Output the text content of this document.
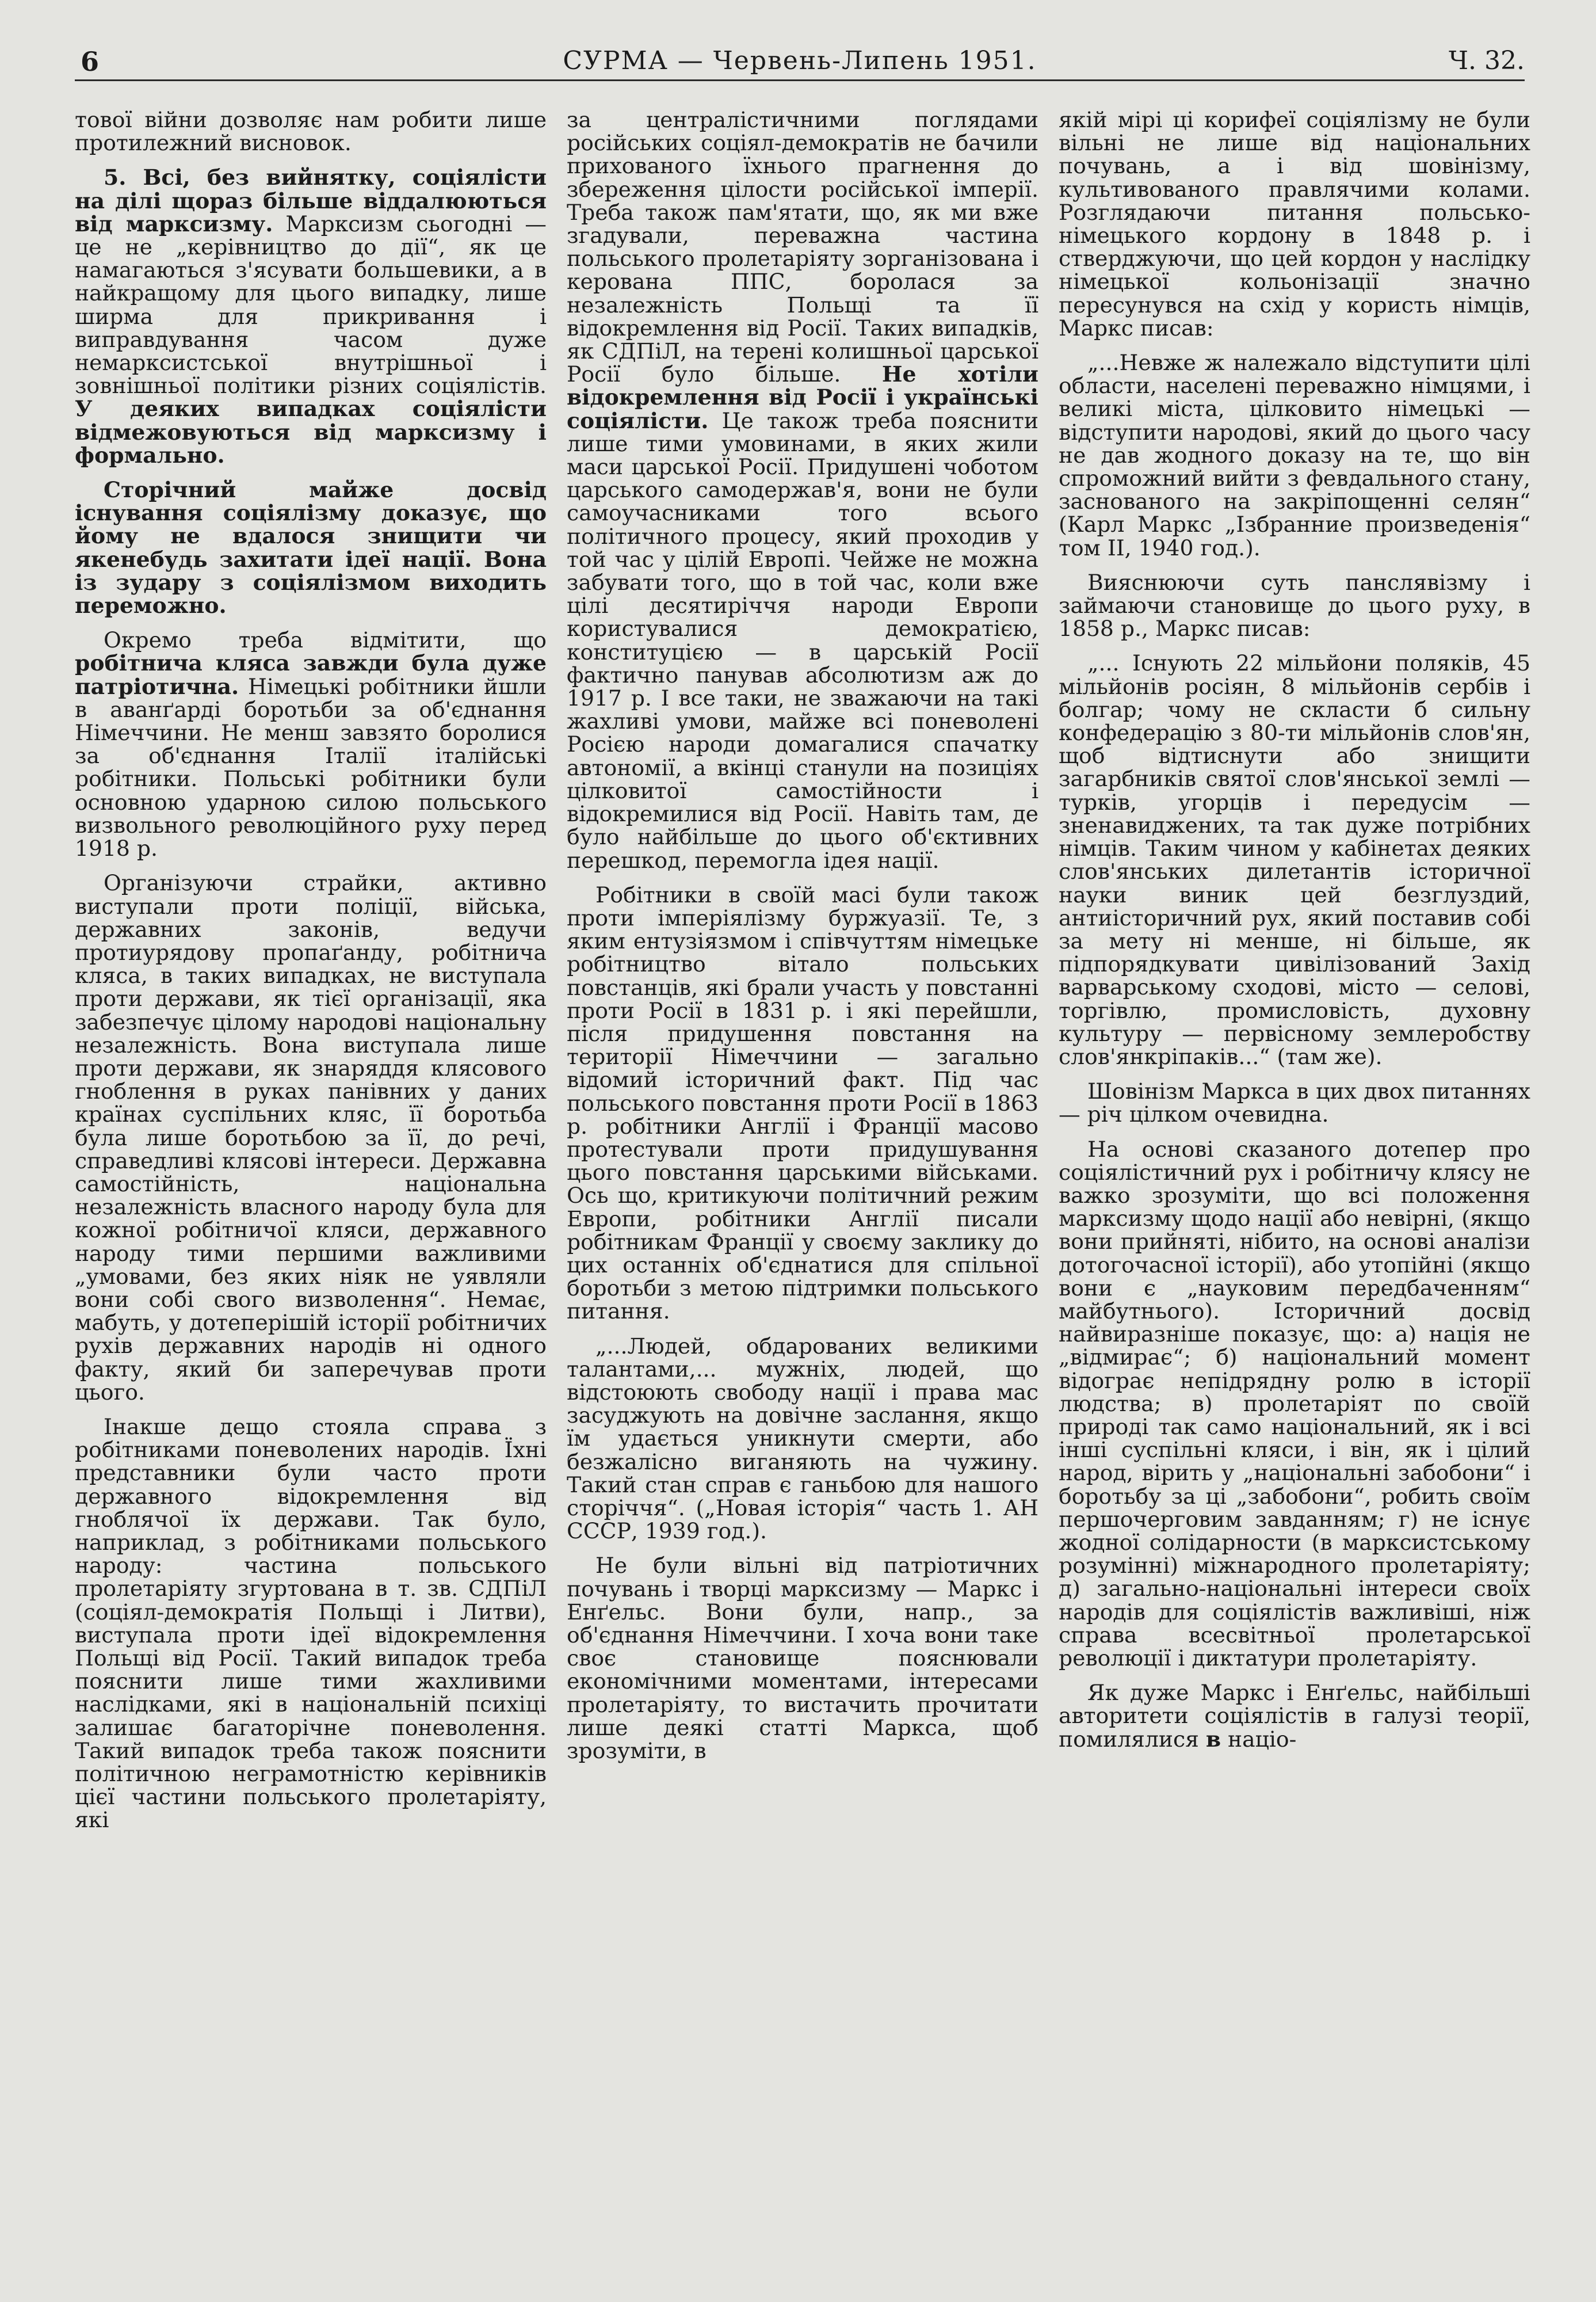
6	СУРМА — Червень-Липень 1951.	Ч. 32.

тової війни дозволяє нам робити лише протилежний висновок.

5. Всі, без вийнятку, соціялісти на ділі щораз більше віддалюються від марксизму. Марксизм сьогодні — це не „керівництво до дії“, як це намагаються з'ясувати большевики, а в найкращому для цього випадку, лише ширма для прикривання і виправдування часом дуже немарксистської внутрішньої і зовнішньої політики різних соціялістів. У деяких випадках соціялісти відмежовуються від марксизму і формально.

Сторічний майже досвід існування соціялізму доказує, що йому не вдалося знищити чи якенебудь захитати ідеї нації. Вона із зудару з соціялізмом виходить переможно.

Окремо треба відмітити, що робітнича кляса завжди була дуже патріотична. Німецькі робітники йшли в аванґарді боротьби за об'єднання Німеччини. Не менш завзято боролися за об'єднання Італії італійські робітники. Польські робітники були основною ударною силою польського визвольного революційного руху перед 1918 р.

Організуючи страйки, активно виступали проти поліції, війська, державних законів, ведучи протиурядову пропаґанду, робітнича кляса, в таких випадках, не виступала проти держави, як тієї організації, яка забезпечує цілому народові національну незалежність. Вона виступала лише проти держави, як знаряддя клясового гноблення в руках панівних у даних країнах суспільних кляс, її боротьба була лише боротьбою за її, до речі, справедливі клясові інтереси. Державна самостійність, національна незалежність власного народу була для кожної робітничої кляси, державного народу тими першими важливими „умовами, без яких ніяк не уявляли вони собі свого визволення“. Немає, мабуть, у дотеперішій історії робітничих рухів державних народів ні одного факту, який би заперечував проти цього.

Інакше дещо стояла справа з робітниками поневолених народів. Їхні представники були часто проти державного відокремлення від гноблячої їх держави. Так було, наприклад, з робітниками польського народу: частина польського пролетаріяту згуртована в т. зв. СДПіЛ (соціял-демократія Польщі і Литви), виступала проти ідеї відокремлення Польщі від Росії. Такий випадок треба пояснити лише тими жахливими наслідками, які в національній психіці залишає багаторічне поневолення. Такий випадок треба також пояснити політичною неграмотністю керівників цієї частини польського пролетаріяту, які

за централістичними поглядами російських соціял-демократів не бачили прихованого їхнього прагнення до збереження цілости російської імперії. Треба також пам'ятати, що, як ми вже згадували, переважна частина польського пролетаріяту зорганізована і керована ППС, боролася за незалежність Польщі та її відокремлення від Росії. Таких випадків, як СДПіЛ, на терені колишньої царської Росії було більше. Не хотіли відокремлення від Росії і українські соціялісти. Це також треба пояснити лише тими умовинами, в яких жили маси царської Росії. Придушені чоботом царського самодержав'я, вони не були самоучасниками того всього політичного процесу, який проходив у той час у цілій Европі. Чейже не можна забувати того, що в той час, коли вже цілі десятиріччя народи Европи користувалися демократією, конституцією — в царській Росії фактично панував абсолютизм аж до 1917 р. І все таки, не зважаючи на такі жахливі умови, майже всі поневолені Росією народи домагалися спачатку автономії, а вкінці станули на позиціях цілковитої самостійности і відокремилися від Росії. Навіть там, де було найбільше до цього об'єктивних перешкод, перемогла ідея нації.

Робітники в своїй масі були також проти імперіялізму буржуазії. Те, з яким ентузіязмом і співчуттям німецьке робітництво вітало польських повстанців, які брали участь у повстанні проти Росії в 1831 р. і які перейшли, після придушення повстання на території Німеччини — загально відомий історичний факт. Під час польського повстання проти Росії в 1863 р. робітники Англії і Франції масово протестували проти придушування цього повстання царськими військами. Ось що, критикуючи політичний режим Европи, робітники Англії писали робітникам Франції у своєму заклику до цих останніх об'єднатися для спільної боротьби з метою підтримки польського питання.

„...Людей, обдарованих великими талантами,... мужніх, людей, що відстоюють свободу нації і права мас засуджують на довічне заслання, якщо їм удається уникнути смерти, або безжалісно виганяють на чужину. Такий стан справ є ганьбою для нашого сторіччя“. („Новая історія“ часть 1. АН СССР, 1939 год.).

Не були вільні від патріотичних почувань і творці марксизму — Маркс і Енґельс. Вони були, напр., за об'єднання Німеччини. І хоча вони таке своє становище пояснювали економічними моментами, інтересами пролетаріяту, то вистачить прочитати лише деякі статті Маркса, щоб зрозуміти, в

якій мірі ці корифеї соціялізму не були вільні не лише від національних почувань, а і від шовінізму, культивованого правлячими колами. Розглядаючи питання польсько-німецького кордону в 1848 р. і стверджуючи, що цей кордон у наслідку німецької кольонізації значно пересунувся на схід у користь німців, Маркс писав:

„...Невже ж належало відступити цілі области, населені переважно німцями, і великі міста, цілковито німецькі — відступити народові, який до цього часу не дав жодного доказу на те, що він спроможний вийти з февдального стану, заснованого на закріпощенні селян“ (Карл Маркс „Ізбранние произведенія“ том II, 1940 год.).

Вияснюючи суть панслявізму і займаючи становище до цього руху, в 1858 р., Маркс писав:

„... Існують 22 мільйони поляків, 45 мільйонів росіян, 8 мільйонів сербів і болгар; чому не скласти б сильну конфедерацію з 80-ти мільйонів слов'ян, щоб відтиснути або знищити загарбників святої слов'янської землі — турків, угорців і передусім — зненавиджених, та так дуже потрібних німців. Таким чином у кабінетах деяких слов'янських дилетантів історичної науки виник цей безглуздий, антиісторичний рух, який поставив собі за мету ні менше, ні більше, як підпорядкувати цивілізований Захід варварському сходові, місто — селові, торгівлю, промисловість, духовну культуру — первісному землеробству слов'янкріпаків...“ (там же).

Шовінізм Маркса в цих двох питаннях — річ цілком очевидна.

На основі сказаного дотепер про соціялістичний рух і робітничу клясу не важко зрозуміти, що всі положення марксизму щодо нації або невірні, (якщо вони прийняті, нібито, на основі аналізи дотогочасної історії), або утопійні (якщо вони є „науковим передбаченням“ майбутнього). Історичний досвід найвиразніше показує, що: а) нація не „відмирає“; б) національний момент відограє непідрядну ролю в історії людства; в) пролетаріят по своїй природі так само національний, як і всі інші суспільні кляси, і він, як і цілий народ, вірить у „національні забобони“ і боротьбу за ці „забобони“, робить своїм першочерговим завданням; г) не існує жодної солідарности (в марксистському розумінні) міжнародного пролетаріяту; д) загально-національні інтереси своїх народів для соціялістів важливіші, ніж справа всесвітньої пролетарської революції і диктатури пролетаріяту.

Як дуже Маркс і Енґельс, найбільші авторитети соціялістів в галузі теорії, помилялися в націо-
